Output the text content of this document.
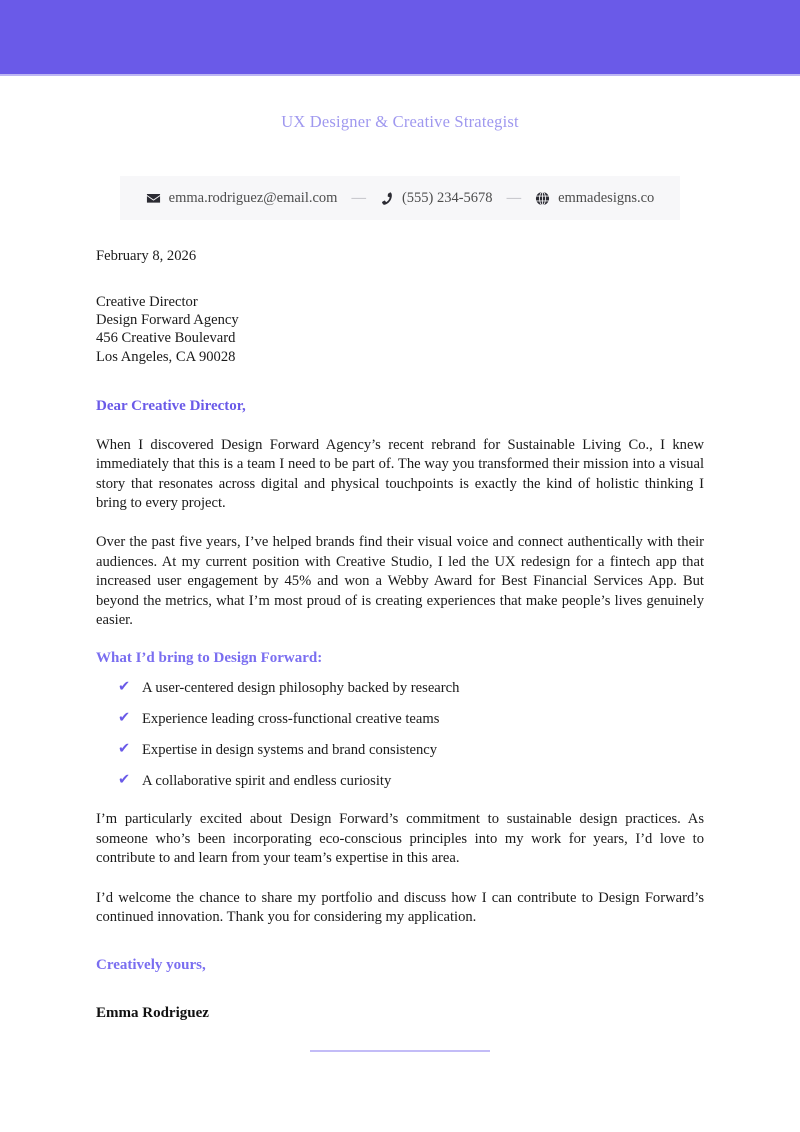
UX Designer & Creative Strategist
emma.rodriguez@email.com — (555) 234-5678 —	emmadesigns.co
February 8, 2026
Creative Director
Design Forward Agency
456 Creative Boulevard
Los Angeles, CA 90028
Dear Creative Director,

When I discovered Design Forward Agency’s recent rebrand for Sustainable Living Co., I knew immediately that this is a team I need to be part of. The way you transformed their mission into a visual story that resonates across digital and physical touchpoints is exactly the kind of holistic thinking I bring to every project.

Over the past five years, I’ve helped brands find their visual voice and connect authentically with their audiences. At my current position with Creative Studio, I led the UX redesign for a fintech app that increased user engagement by 45% and won a Webby Award for Best Financial Services App. But beyond the metrics, what I’m most proud of is creating experiences that make people’s lives genuinely easier.

What I’d bring to Design Forward:
✔ A user-centered design philosophy backed by research
✔ Experience leading cross-functional creative teams
✔ Expertise in design systems and brand consistency
✔ A collaborative spirit and endless curiosity

I’m particularly excited about Design Forward’s commitment to sustainable design practices. As someone who’s been incorporating eco-conscious principles into my work for years, I’d love to contribute to and learn from your team’s expertise in this area.

I’d welcome the chance to share my portfolio and discuss how I can contribute to Design Forward’s continued innovation. Thank you for considering my application.

Creatively yours,
Emma Rodriguez
